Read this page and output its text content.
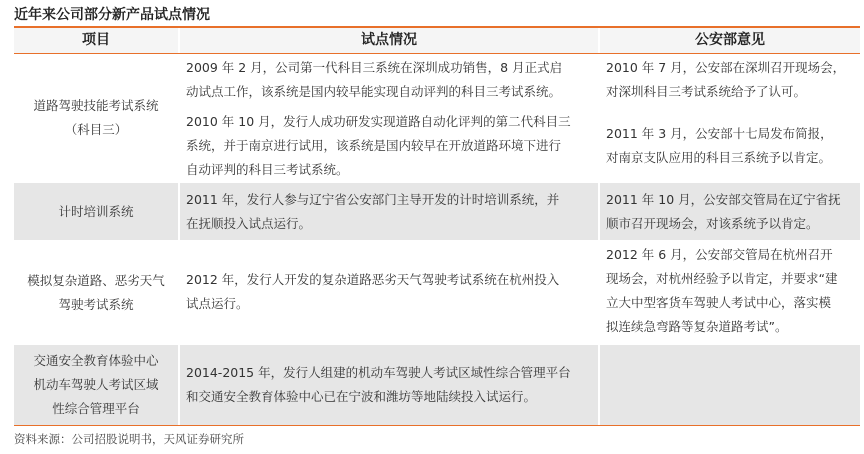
近年来公司部分新产品试点情况
项目	试点情况	公安部意见
道路驾驶技能考试系统
（科目三）

2009 年 2 月，公司第一代科目三系统在深圳成功销售，8 月正式启

动试点工作，该系统是国内较早能实现自动评判的科目三考试系统。

2010 年 10 月，发行人成功研发实现道路自动化评判的第二代科目三

系统，并于南京进行试用，该系统是国内较早在开放道路环境下进行

自动评判的科目三考试系统。

2010 年 7 月，公安部在深圳召开现场会，

对深圳科目三考试系统给予了认可。

2011 年 3 月，公安部十七局发布简报，

对南京支队应用的科目三系统予以肯定。

计时培训系统

2011 年，发行人参与辽宁省公安部门主导开发的计时培训系统，并

在抚顺投入试点运行。

2011 年 10 月，公安部交管局在辽宁省抚

顺市召开现场会，对该系统予以肯定。

模拟复杂道路、恶劣天气
驾驶考试系统

2012 年，发行人开发的复杂道路恶劣天气驾驶考试系统在杭州投入

试点运行。

2012 年 6 月，公安部交管局在杭州召开

现场会，对杭州经验予以肯定，并要求“建

立大中型客货车驾驶人考试中心，落实模

拟连续急弯路等复杂道路考试”。

交通安全教育体验中心
机动车驾驶人考试区域
性综合管理平台

2014-2015 年，发行人组建的机动车驾驶人考试区域性综合管理平台

和交通安全教育体验中心已在宁波和潍坊等地陆续投入试运行。

资料来源：公司招股说明书，天风证券研究所
